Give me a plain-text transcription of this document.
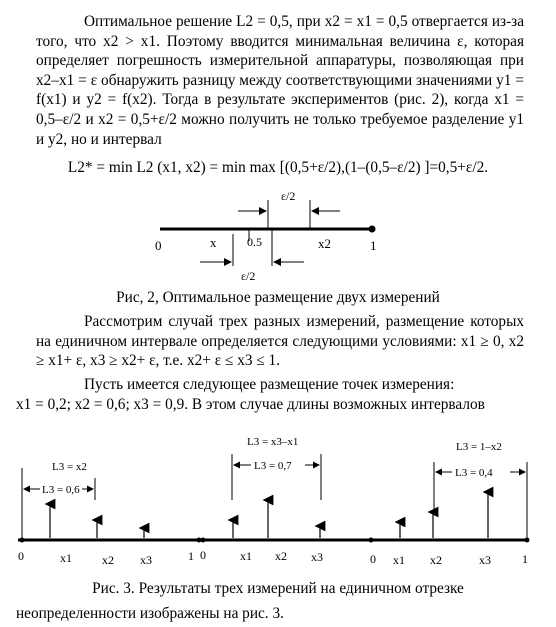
Оптимальное решение L2 = 0,5, при x2 = x1 = 0,5 отвергается из-за того, что x2 > x1. Поэтому вводится минимальная величина ε, которая определяет погрешность измерительной аппаратуры, позволяющая при x2–x1 = ε обнаружить разницу между соответствующими значениями y1 = f(x1) и y2 = f(x2). Тогда в результате экспериментов (рис. 2), когда x1 = 0,5–ε/2 и x2 = 0,5+ε/2 можно получить не только требуемое разделение y1 и y2, но и интервал
L2* = min L2 (x1, x2) = min max [(0,5+ε/2),(1–(0,5–ε/2) ]=0,5+ε/2.
ε/2
0	x	0.5	x2	1
ε/2
Рис, 2, Оптимальное размещение двух измерений
Рассмотрим случай трех разных измерений, размещение которых на единичном интервале определяется следующими условиями: x1 ≥ 0, x2 ≥ x1+ ε, x3 ≥ x2+ ε, т.е. x2+ ε ≤ x3 ≤ 1.
Пусть имеется следующее размещение точек измерения:
x1 = 0,2; x2 = 0,6; x3 = 0,9. В этом случае длины возможных интервалов
L3 = x2
L3 = 0,6
0	x1	x2 x3	1
L3 = x3–x1
L3 = 0,7
0	x1 x2 x3
L3 = 1–x2
L3 = 0,4
0 x1 x2	x3	1
Рис. 3. Результаты трех измерений на единичном отрезке
неопределенности изображены на рис. 3.
